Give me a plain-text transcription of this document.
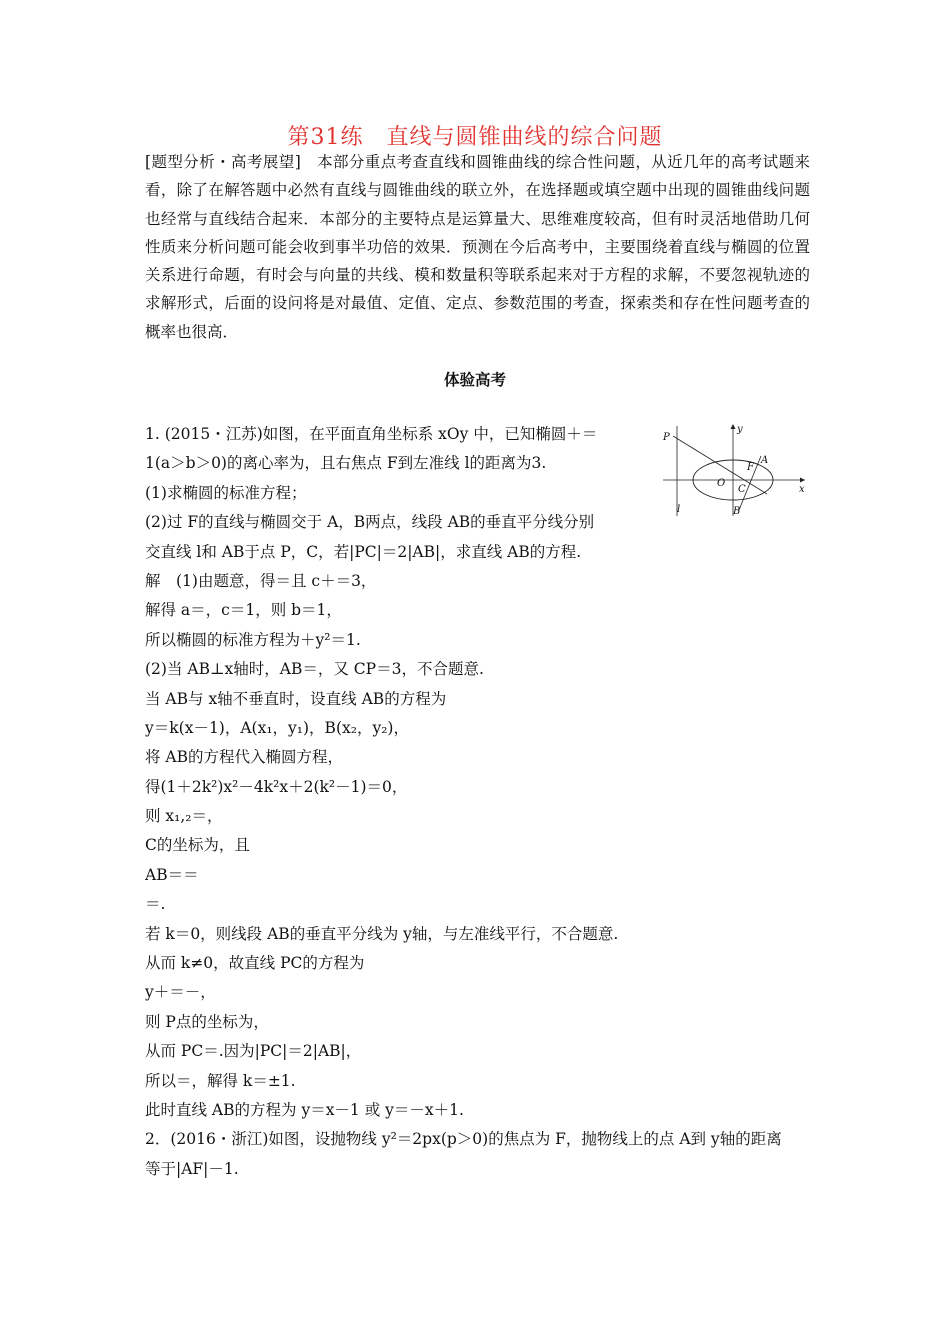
第31练　直线与圆锥曲线的综合问题

[题型分析・高考展望]　本部分重点考查直线和圆锥曲线的综合性问题，从近几年的高考试题来看，除了在解答题中必然有直线与圆锥曲线的联立外，在选择题或填空题中出现的圆锥曲线问题也经常与直线结合起来．本部分的主要特点是运算量大、思维难度较高，但有时灵活地借助几何性质来分析问题可能会收到事半功倍的效果．预测在今后高考中，主要围绕着直线与椭圆的位置关系进行命题，有时会与向量的共线、模和数量积等联系起来对于方程的求解，不要忽视轨迹的求解形式，后面的设问将是对最值、定值、定点、参数范围的考查，探索类和存在性问题考查的概率也很高．

体验高考
1. (2015・江苏)如图，在平面直角坐标系 xOy 中，已知椭圆＋＝
1(a＞b＞0)的离心率为，且右焦点 F到左准线 l的距离为3.
(1)求椭圆的标准方程；
(2)过 F的直线与椭圆交于 A，B两点，线段 AB的垂直平分线分别
交直线 l和 AB于点 P，C，若|PC|＝2|AB|，求直线 AB的方程.
解　(1)由题意，得＝且 c＋＝3，
解得 a＝，c＝1，则 b＝1，
所以椭圆的标准方程为＋y²＝1.
(2)当 AB⊥x轴时，AB＝，又 CP＝3，不合题意.
当 AB与 x轴不垂直时，设直线 AB的方程为
y＝k(x－1)，A(x₁，y₁)，B(x₂，y₂)，
将 AB的方程代入椭圆方程，
得(1＋2k²)x²－4k²x＋2(k²－1)＝0，
则 x₁,₂＝，
C的坐标为，且
AB＝＝
＝.
若 k＝0，则线段 AB的垂直平分线为 y轴，与左准线平行，不合题意.
从而 k≠0，故直线 PC的方程为
y＋＝－，
则 P点的坐标为，
从而 PC＝.因为|PC|＝2|AB|，
所以＝，解得 k＝±1.
此时直线 AB的方程为 y＝x－1 或 y＝－x＋1.
2．(2016・浙江)如图，设抛物线 y²＝2px(p＞0)的焦点为 F，抛物线上的点 A到 y轴的距离
等于|AF|－1.
P
y
F
A
O
C	x
l	B
